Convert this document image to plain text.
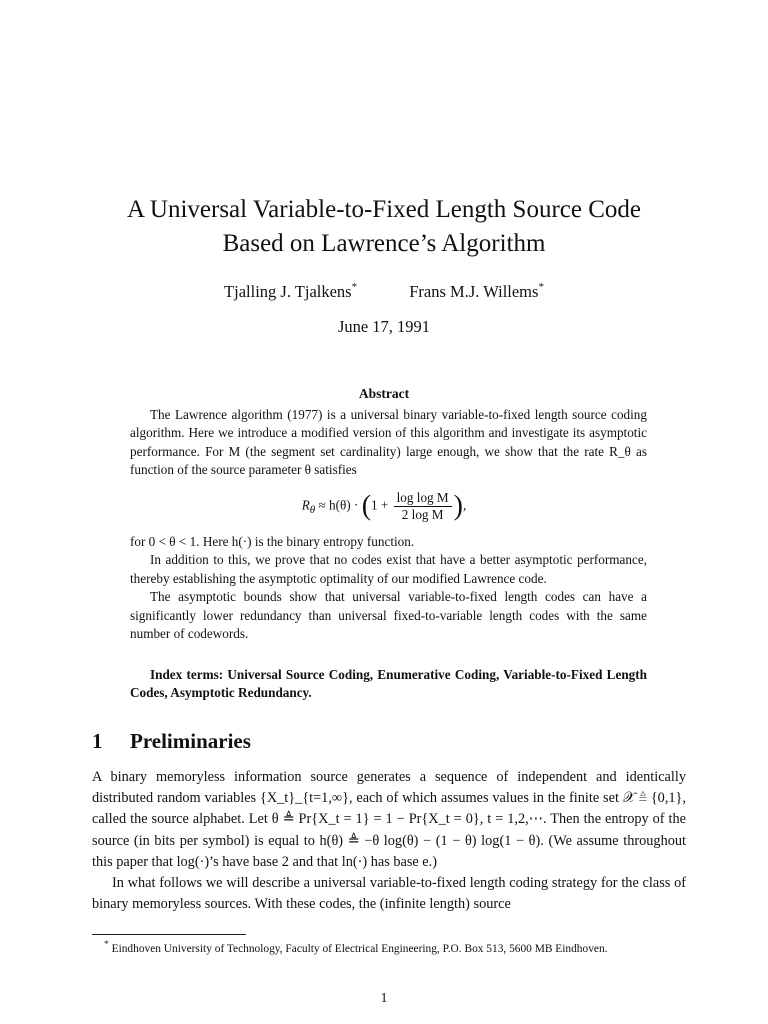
A Universal Variable-to-Fixed Length Source Code
Based on Lawrence’s Algorithm
Tjalling J. Tjalkens*	Frans M.J. Willems*
June 17, 1991
Abstract

The Lawrence algorithm (1977) is a universal binary variable-to-fixed length source coding algorithm. Here we introduce a modified version of this algorithm and investigate its asymptotic performance. For M (the segment set cardinality) large enough, we show that the rate R_θ as function of the source parameter θ satisfies

$R_\theta \approx h(\theta) \cdot (1 + \frac{\text{log log M}}{\text{2 log M}}$ ),

for 0 < θ < 1. Here h(·) is the binary entropy function.

In addition to this, we prove that no codes exist that have a better asymptotic performance, thereby establishing the asymptotic optimality of our modified Lawrence code.

The asymptotic bounds show that universal variable-to-fixed length codes can have a significantly lower redundancy than universal fixed-to-variable length codes with the same number of codewords.

Index terms: Universal Source Coding, Enumerative Coding, Variable-to-Fixed Length Codes, Asymptotic Redundancy.
1 Preliminaries

A binary memoryless information source generates a sequence of independent and identically distributed random variables {X_t}_{t=1,∞}, each of which assumes values in the finite set 𝒳 ≜ {0,1}, called the source alphabet. Let θ ≜ Pr{X_t = 1} = 1 − Pr{X_t = 0}, t = 1,2,⋯. Then the entropy of the source (in bits per symbol) is equal to h(θ) ≜ −θ log(θ) − (1 − θ) log(1 − θ). (We assume throughout this paper that log(·)’s have base 2 and that ln(·) has base e.)

In what follows we will describe a universal variable-to-fixed length coding strategy for the class of binary memoryless sources. With these codes, the (infinite length) source

* Eindhoven University of Technology, Faculty of Electrical Engineering, P.O. Box 513, 5600 MB Eindhoven.
1
